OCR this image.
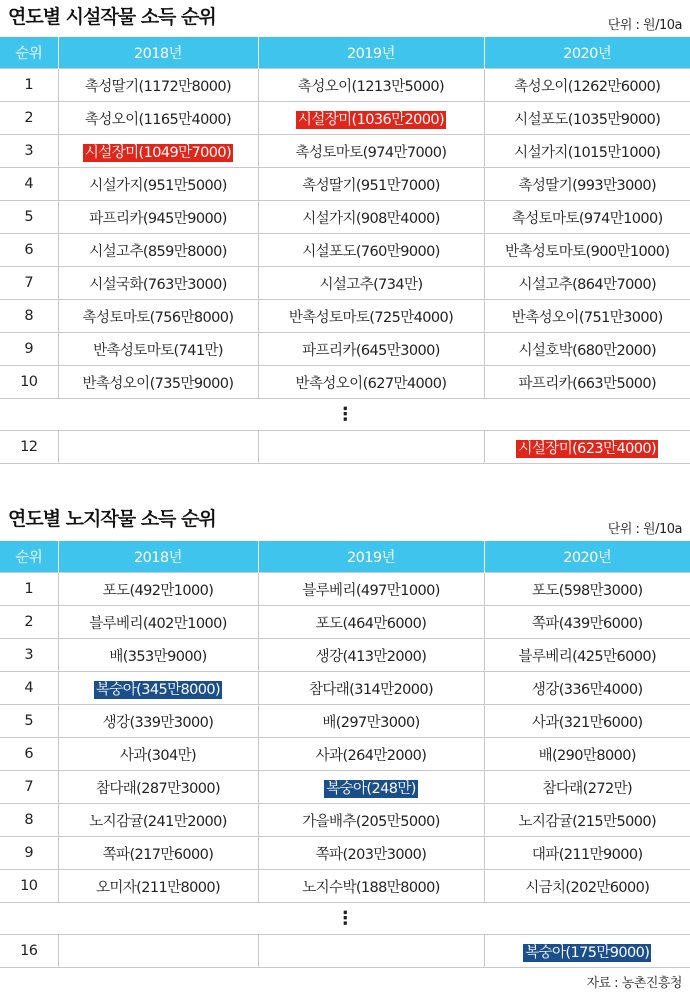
연도별 시설작물 소득 순위	단위 : 원/10a
순위	2018년	2019년	2020년
1	촉성딸기(1172만8000)	촉성오이(1213만5000)	촉성오이(1262만6000)
2	촉성오이(1165만4000)	시설장미(1036만2000)	시설포도(1035만9000)
3	시설장미(1049만7000)	촉성토마토(974만7000)	시설가지(1015만1000)
4	시설가지(951만5000)	촉성딸기(951만7000)	촉성딸기(993만3000)
5	파프리카(945만9000)	시설가지(908만4000)	촉성토마토(974만1000)
6	시설고추(859만8000)	시설포도(760만9000)	반촉성토마토(900만1000)
7	시설국화(763만3000)	시설고추(734만)	시설고추(864만7000)
8	촉성토마토(756만8000)	반촉성토마토(725만4000)	반촉성오이(751만3000)
9	반촉성토마토(741만)	파프리카(645만3000)	시설호박(680만2000)
10	반촉성오이(735만9000)	반촉성오이(627만4000)	파프리카(663만5000)
⋮			
12			시설장미(623만4000)
연도별 노지작물 소득 순위	단위 : 원/10a
순위	2018년	2019년	2020년
1	포도(492만1000)	블루베리(497만1000)	포도(598만3000)
2	블루베리(402만1000)	포도(464만6000)	쪽파(439만6000)
3	배(353만9000)	생강(413만2000)	블루베리(425만6000)
4	복숭아(345만8000)	참다래(314만2000)	생강(336만4000)
5	생강(339만3000)	배(297만3000)	사과(321만6000)
6	사과(304만)	사과(264만2000)	배(290만8000)
7	참다래(287만3000)	복숭아(248만)	참다래(272만)
8	노지감귤(241만2000)	가을배추(205만5000)	노지감귤(215만5000)
9	쪽파(217만6000)	쪽파(203만3000)	대파(211만9000)
10	오미자(211만8000)	노지수박(188만8000)	시금치(202만6000)
⋮			
16			복숭아(175만9000)
자료 : 농촌진흥청
